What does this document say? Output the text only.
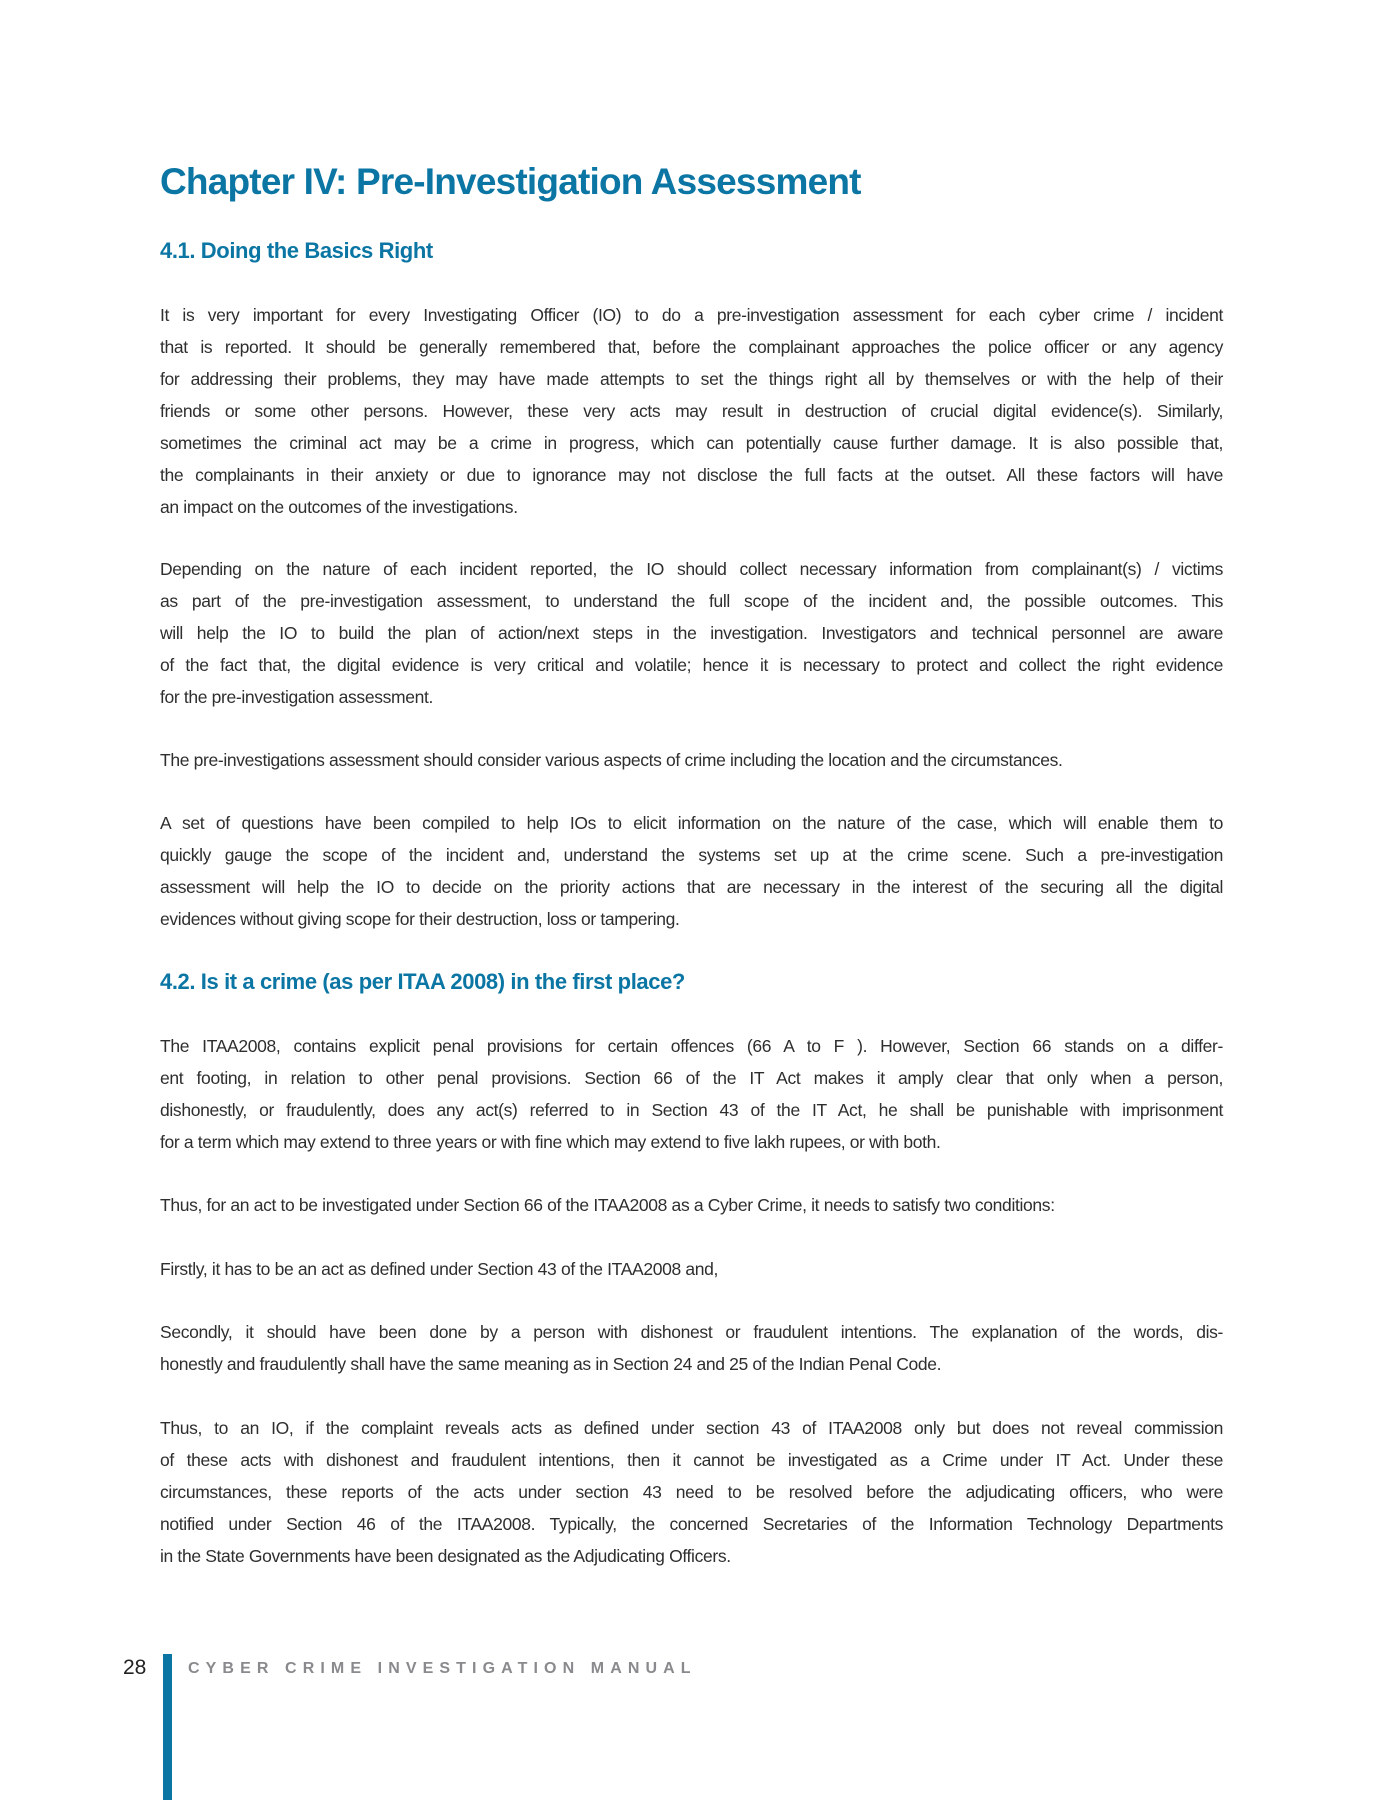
Chapter IV: Pre-Investigation Assessment
4.1. Doing the Basics Right
It is very important for every Investigating Officer (IO) to do a pre-investigation assessment for each cyber crime / incident
that is reported. It should be generally remembered that, before the complainant approaches the police officer or any agency
for addressing their problems, they may have made attempts to set the things right all by themselves or with the help of their
friends or some other persons. However, these very acts may result in destruction of crucial digital evidence(s). Similarly,
sometimes the criminal act may be a crime in progress, which can potentially cause further damage. It is also possible that,
the complainants in their anxiety or due to ignorance may not disclose the full facts at the outset. All these factors will have
an impact on the outcomes of the investigations.
Depending on the nature of each incident reported, the IO should collect necessary information from complainant(s) / victims
as part of the pre-investigation assessment, to understand the full scope of the incident and, the possible outcomes. This
will help the IO to build the plan of action/next steps in the investigation. Investigators and technical personnel are aware
of the fact that, the digital evidence is very critical and volatile; hence it is necessary to protect and collect the right evidence
for the pre-investigation assessment.
The pre-investigations assessment should consider various aspects of crime including the location and the circumstances.
A set of questions have been compiled to help IOs to elicit information on the nature of the case, which will enable them to
quickly gauge the scope of the incident and, understand the systems set up at the crime scene. Such a pre-investigation
assessment will help the IO to decide on the priority actions that are necessary in the interest of the securing all the digital
evidences without giving scope for their destruction, loss or tampering.
4.2. Is it a crime (as per ITAA 2008) in the first place?
The ITAA2008, contains explicit penal provisions for certain offences (66 A to F ). However, Section 66 stands on a differ-
ent footing, in relation to other penal provisions. Section 66 of the IT Act makes it amply clear that only when a person,
dishonestly, or fraudulently, does any act(s) referred to in Section 43 of the IT Act, he shall be punishable with imprisonment
for a term which may extend to three years or with fine which may extend to five lakh rupees, or with both.
Thus, for an act to be investigated under Section 66 of the ITAA2008 as a Cyber Crime, it needs to satisfy two conditions:
Firstly, it has to be an act as defined under Section 43 of the ITAA2008 and,
Secondly, it should have been done by a person with dishonest or fraudulent intentions. The explanation of the words, dis-
honestly and fraudulently shall have the same meaning as in Section 24 and 25 of the Indian Penal Code.
Thus, to an IO, if the complaint reveals acts as defined under section 43 of ITAA2008 only but does not reveal commission
of these acts with dishonest and fraudulent intentions, then it cannot be investigated as a Crime under IT Act. Under these
circumstances, these reports of the acts under section 43 need to be resolved before the adjudicating officers, who were
notified under Section 46 of the ITAA2008. Typically, the concerned Secretaries of the Information Technology Departments
in the State Governments have been designated as the Adjudicating Officers.
28	CYBER CRIME INVESTIGATION MANUAL
